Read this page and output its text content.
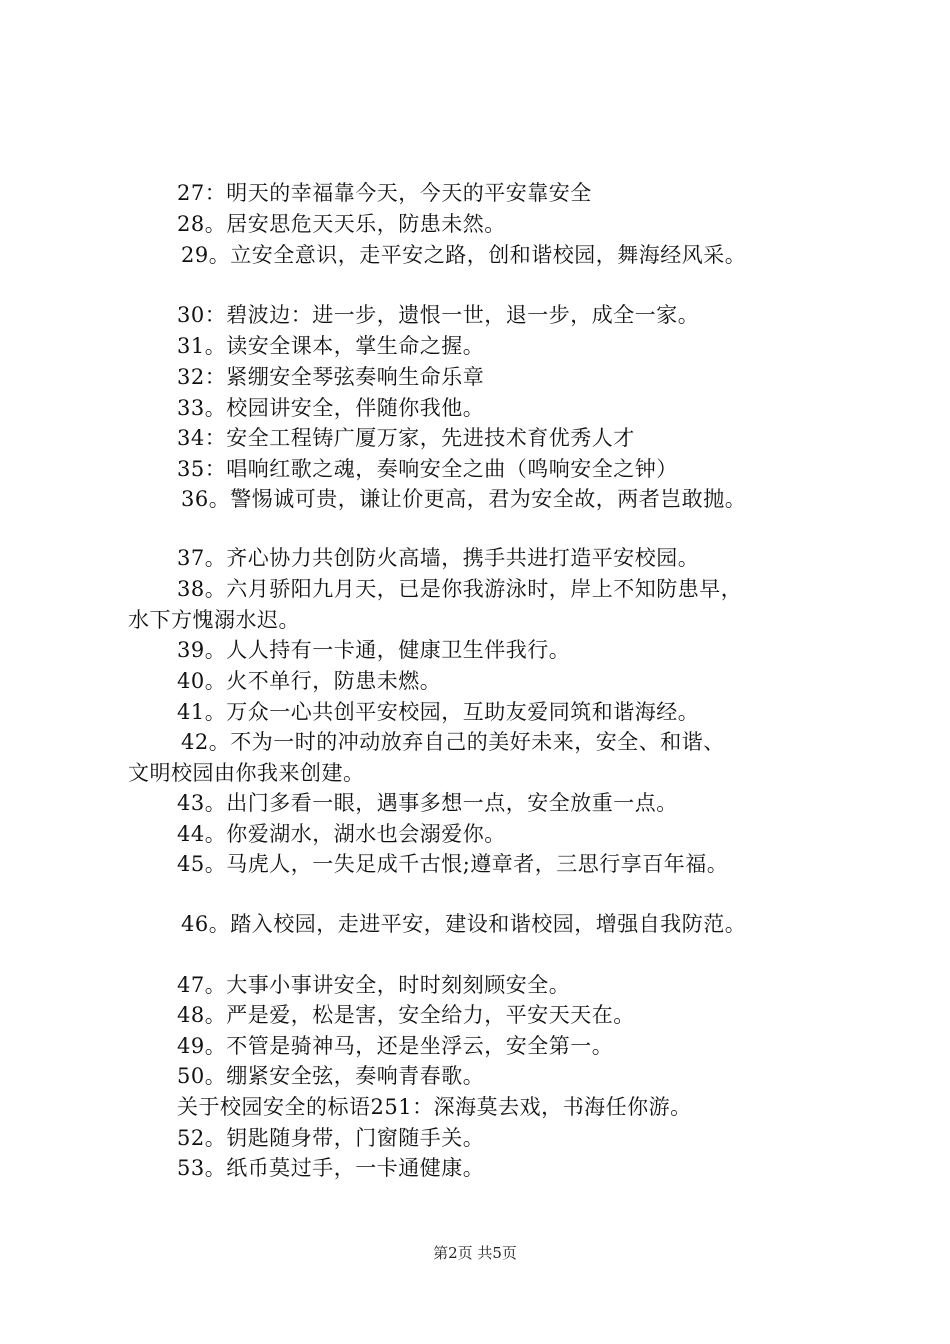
27：明天的幸福靠今天，今天的平安靠安全
28。居安思危天天乐，防患未然。
29。立安全意识，走平安之路，创和谐校园，舞海经风采。
30：碧波边：进一步，遗恨一世，退一步，成全一家。
31。读安全课本，掌生命之握。
32：紧绷安全琴弦奏响生命乐章
33。校园讲安全，伴随你我他。
34：安全工程铸广厦万家，先进技术育优秀人才
35：唱响红歌之魂，奏响安全之曲（鸣响安全之钟）
36。警惕诚可贵，谦让价更高，君为安全故，两者岂敢抛。
37。齐心协力共创防火高墙，携手共进打造平安校园。
38。六月骄阳九月天，已是你我游泳时，岸上不知防患早，
水下方愧溺水迟。
39。人人持有一卡通，健康卫生伴我行。
40。火不单行，防患未燃。
41。万众一心共创平安校园，互助友爱同筑和谐海经。
42。不为一时的冲动放弃自己的美好未来，安全、和谐、
文明校园由你我来创建。
43。出门多看一眼，遇事多想一点，安全放重一点。
44。你爱湖水，湖水也会溺爱你。
45。马虎人，一失足成千古恨;遵章者，三思行享百年福。
46。踏入校园，走进平安，建设和谐校园，增强自我防范。
47。大事小事讲安全，时时刻刻顾安全。
48。严是爱，松是害，安全给力，平安天天在。
49。不管是骑神马，还是坐浮云，安全第一。
50。绷紧安全弦，奏响青春歌。
关于校园安全的标语251：深海莫去戏，书海任你游。
52。钥匙随身带，门窗随手关。
53。纸币莫过手，一卡通健康。
第2页 共5页
